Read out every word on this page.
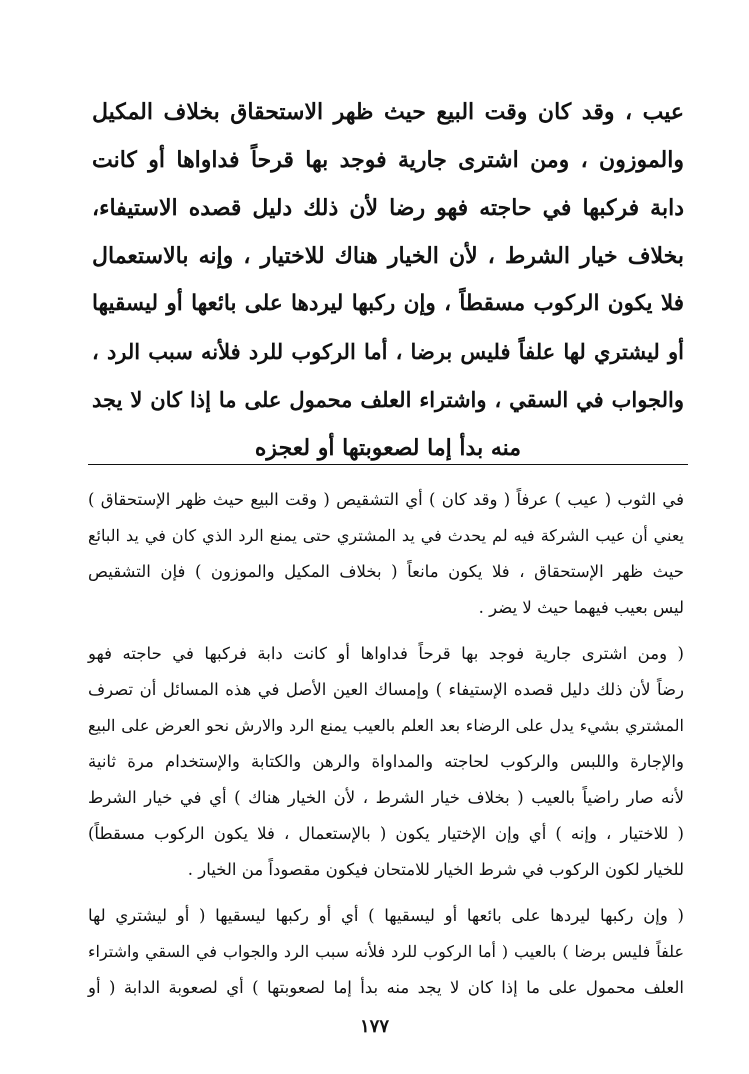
عيب ، وقد كان وقت البيع حيث ظهر الاستحقاق بخلاف المكيل
والموزون ، ومن اشترى جارية فوجد بها قرحاً فداواها أو كانت
دابة فركبها في حاجته فهو رضا لأن ذلك دليل قصده الاستيفاء،
بخلاف خيار الشرط ، لأن الخيار هناك للاختيار ، وإنه بالاستعمال
فلا يكون الركوب مسقطاً ، وإن ركبها ليردها على بائعها أو ليسقيها
أو ليشتري لها علفاً فليس برضا ، أما الركوب للرد فلأنه سبب الرد ،
والجواب في السقي ، واشتراء العلف محمول على ما إذا كان لا يجد
منه بدأ إما لصعوبتها أو لعجزه
في الثوب ( عيب ) عرفاً ( وقد كان ) أي التشقيص ( وقت البيع حيث ظهر الإستحقاق )
يعني أن عيب الشركة فيه لم يحدث في يد المشتري حتى يمنع الرد الذي كان في يد البائع
حيث ظهر الإستحقاق ، فلا يكون مانعاً ( بخلاف المكيل والموزون ) فإن التشقيص
ليس بعيب فيهما حيث لا يضر .
( ومن اشترى جارية فوجد بها قرحاً فداواها أو كانت دابة فركبها في حاجته فهو
رضاً لأن ذلك دليل قصده الإستيفاء ) وإمساك العين الأصل في هذه المسائل أن تصرف
المشتري بشيء يدل على الرضاء بعد العلم بالعيب يمنع الرد والارش نحو العرض على البيع
والإجارة واللبس والركوب لحاجته والمداواة والرهن والكتابة والإستخدام مرة ثانية
لأنه صار راضياً بالعيب ( بخلاف خيار الشرط ، لأن الخيار هناك ) أي في خيار الشرط
( للاختيار ، وإنه ) أي وإن الإختيار يكون ( بالإستعمال ، فلا يكون الركوب مسقطاً)
للخيار لكون الركوب في شرط الخيار للامتحان فيكون مقصوداً من الخيار .
( وإن ركبها ليردها على بائعها أو ليسقيها ) أي أو ركبها ليسقيها ( أو ليشتري لها
علفاً فليس برضا ) بالعيب ( أما الركوب للرد فلأنه سبب الرد والجواب في السقي واشتراء
العلف محمول على ما إذا كان لا يجد منه بدأ إما لصعوبتها ) أي لصعوبة الدابة ( أو
١٧٧
